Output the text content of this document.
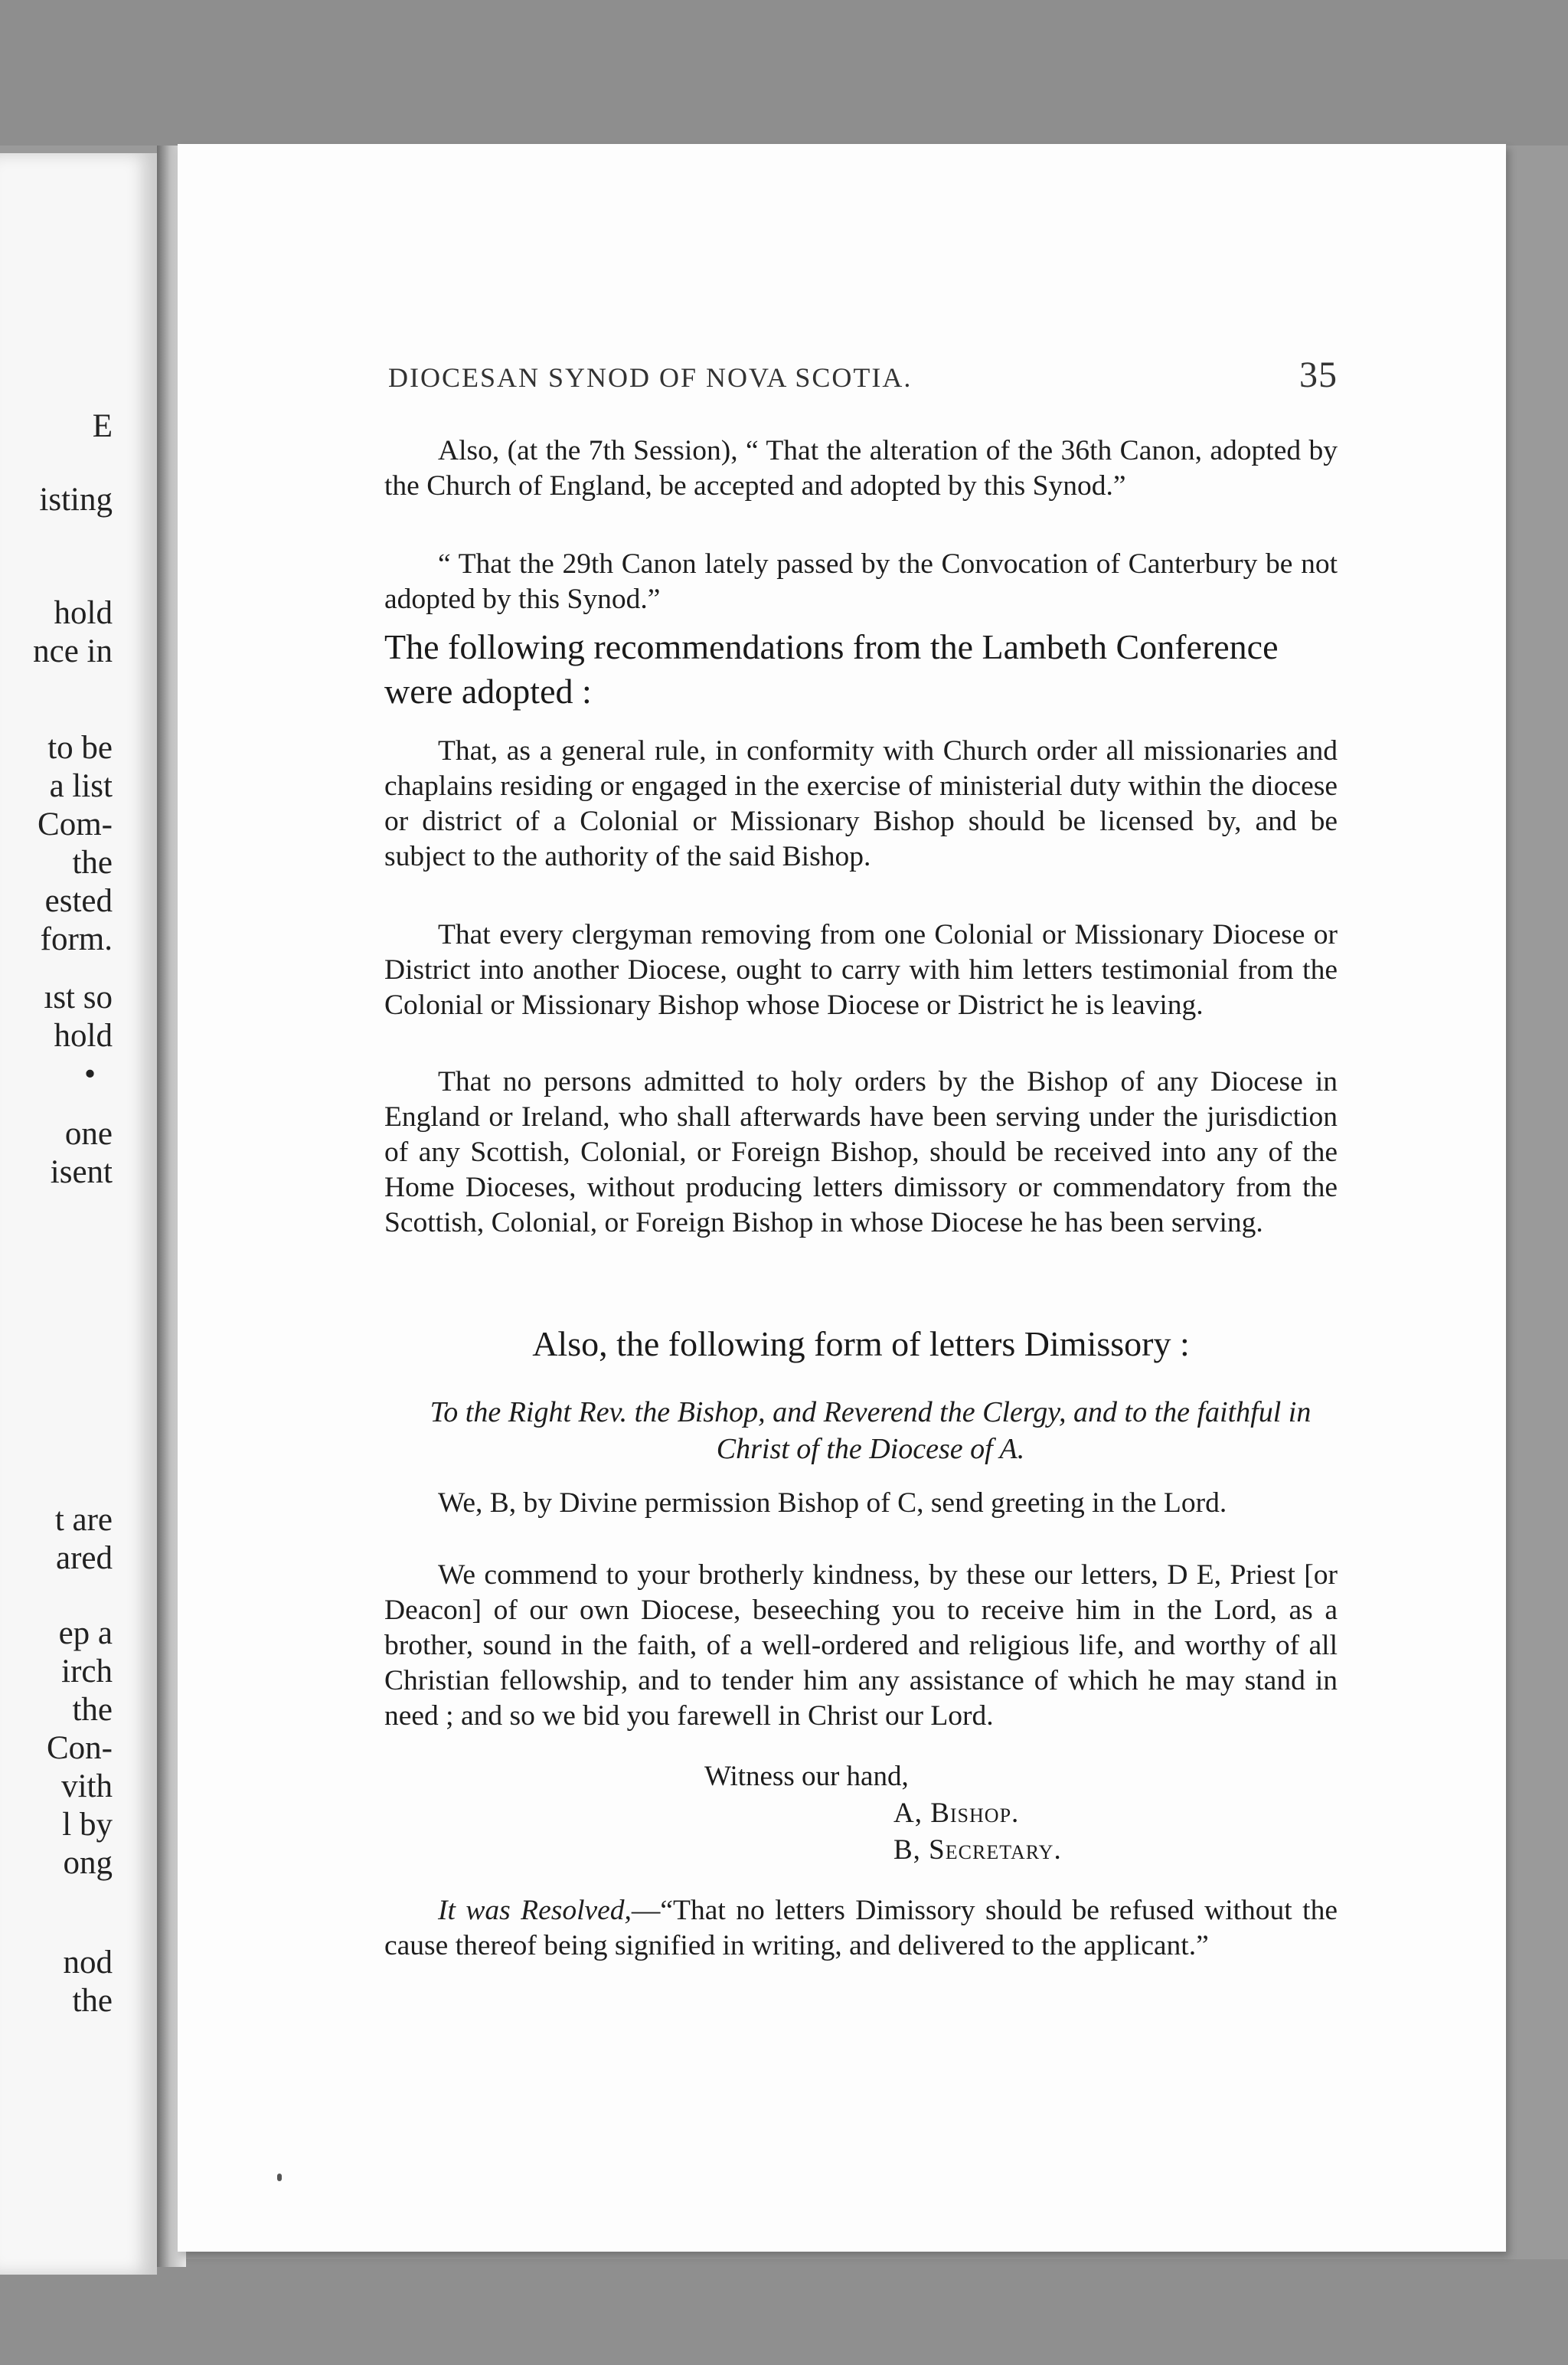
E
isting
hold
nce in
to be
a list
Com-
the
ested
form.
ıst so
hold
•
one
isent
t are
ared
ep a
irch
the
Con-
vith
l by
ong
nod
the
DIOCESAN SYNOD OF NOVA SCOTIA.	35

Also, (at the 7th Session), “ That the alteration of the 36th Canon, adopted by the Church of England, be accepted and adopted by this Synod.”

“ That the 29th Canon lately passed by the Convocation of Canterbury be not adopted by this Synod.”

The following recommendations from the Lambeth Conference were adopted :

That, as a general rule, in conformity with Church order all missionaries and chaplains residing or engaged in the exercise of ministerial duty within the diocese or district of a Colonial or Missionary Bishop should be licensed by, and be subject to the authority of the said Bishop.

That every clergyman removing from one Colonial or Missionary Diocese or District into another Diocese, ought to carry with him letters testimonial from the Colonial or Missionary Bishop whose Diocese or District he is leaving.

That no persons admitted to holy orders by the Bishop of any Diocese in England or Ireland, who shall afterwards have been serving under the jurisdiction of any Scottish, Colonial, or Foreign Bishop, should be received into any of the Home Dioceses, without producing letters dimissory or commendatory from the Scottish, Colonial, or Foreign Bishop in whose Diocese he has been serving.

Also, the following form of letters Dimissory :

To the Right Rev. the Bishop, and Reverend the Clergy, and to the faithful in Christ of the Diocese of A.

We, B, by Divine permission Bishop of C, send greeting in the Lord.

We commend to your brotherly kindness, by these our letters, D E, Priest [or Deacon] of our own Diocese, beseeching you to receive him in the Lord, as a brother, sound in the faith, of a well-ordered and religious life, and worthy of all Christian fellowship, and to tender him any assistance of which he may stand in need ; and so we bid you farewell in Christ our Lord.

Witness our hand,
A, Bishop.
B, Secretary.

It was Resolved,—“That no letters Dimissory should be refused without the cause thereof being signified in writing, and delivered to the applicant.”
